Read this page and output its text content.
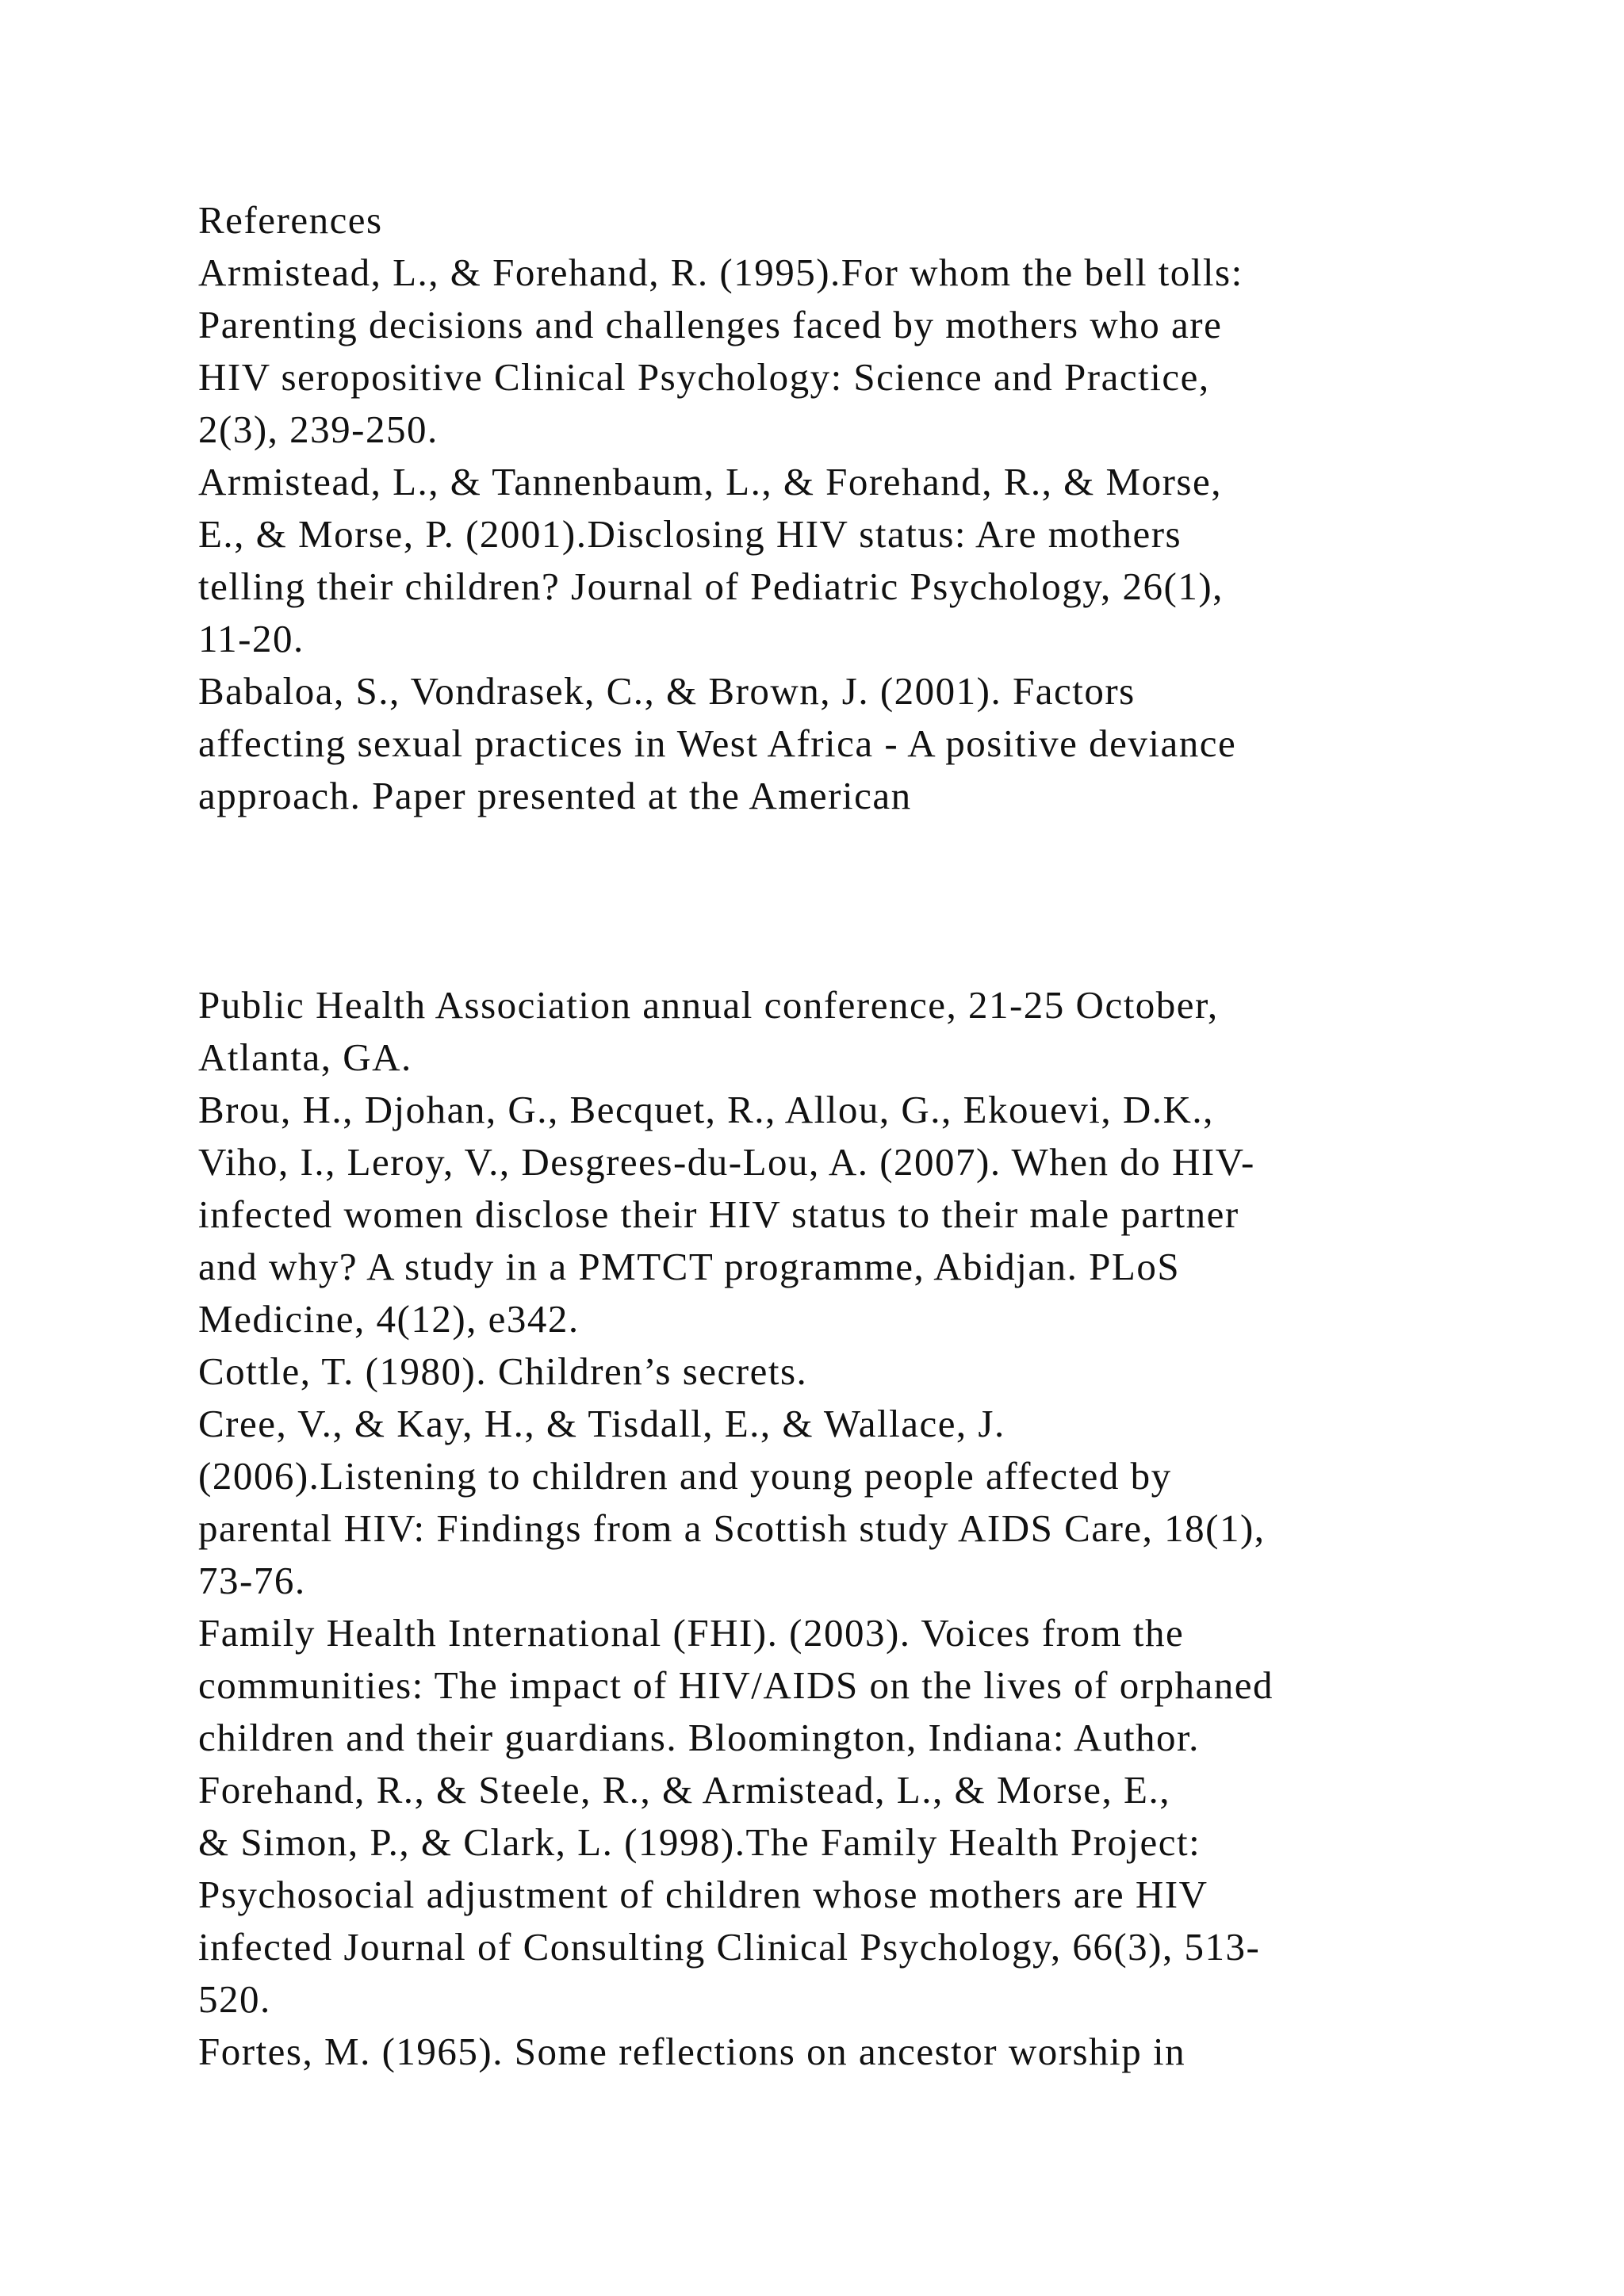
References
Armistead, L., & Forehand, R. (1995).For whom the bell tolls:
Parenting decisions and challenges faced by mothers who are
HIV seropositive Clinical Psychology: Science and Practice,
2(3), 239-250.
Armistead, L., & Tannenbaum, L., & Forehand, R., & Morse,
E., & Morse, P. (2001).Disclosing HIV status: Are mothers
telling their children? Journal of Pediatric Psychology, 26(1),
11-20.
Babaloa, S., Vondrasek, C., & Brown, J. (2001). Factors
affecting sexual practices in West Africa - A positive deviance
approach. Paper presented at the American
Public Health Association annual conference, 21-25 October,
Atlanta, GA.
Brou, H., Djohan, G., Becquet, R., Allou, G., Ekouevi, D.K.,
Viho, I., Leroy, V., Desgrees-du-Lou, A. (2007). When do HIV-
infected women disclose their HIV status to their male partner
and why? A study in a PMTCT programme, Abidjan. PLoS
Medicine, 4(12), e342.
Cottle, T. (1980). Children’s secrets.
Cree, V., & Kay, H., & Tisdall, E., & Wallace, J.
(2006).Listening to children and young people affected by
parental HIV: Findings from a Scottish study AIDS Care, 18(1),
73-76.
Family Health International (FHI). (2003). Voices from the
communities: The impact of HIV/AIDS on the lives of orphaned
children and their guardians. Bloomington, Indiana: Author.
Forehand, R., & Steele, R., & Armistead, L., & Morse, E.,
& Simon, P., & Clark, L. (1998).The Family Health Project:
Psychosocial adjustment of children whose mothers are HIV
infected Journal of Consulting Clinical Psychology, 66(3), 513-
520.
Fortes, M. (1965). Some reflections on ancestor worship in
